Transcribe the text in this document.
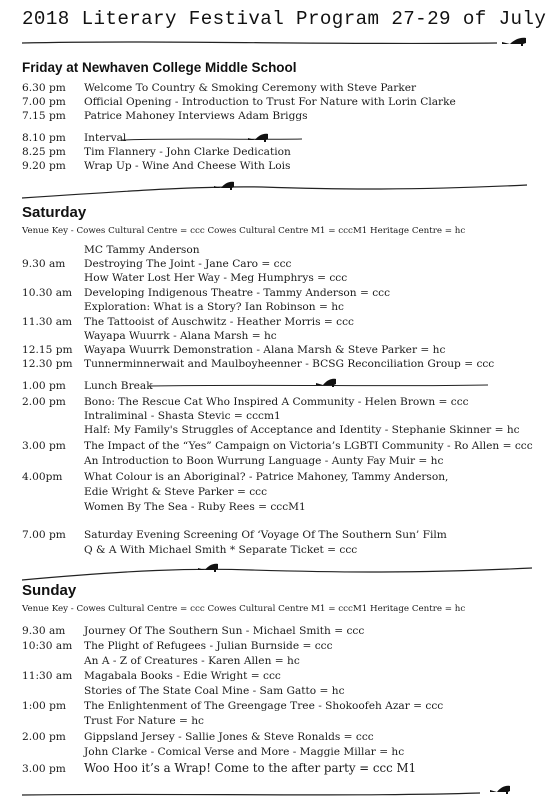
2018 Literary Festival Program 27-29 of July
Friday at Newhaven College Middle School
6.30 pm Welcome To Country & Smoking Ceremony with Steve Parker
7.00 pm Official Opening - Introduction to Trust For Nature with Lorin Clarke
7.15 pm Patrice Mahoney Interviews Adam Briggs
8.10 pm Interval
8.25 pm Tim Flannery - John Clarke Dedication
9.20 pm Wrap Up - Wine And Cheese With Lois
Saturday
Venue Key - Cowes Cultural Centre = ccc Cowes Cultural Centre M1 = cccM1 Heritage Centre = hc
MC Tammy Anderson
9.30 am Destroying The Joint - Jane Caro = ccc
How Water Lost Her Way - Meg Humphrys = ccc
10.30 am Developing Indigenous Theatre - Tammy Anderson = ccc
Exploration: What is a Story? Ian Robinson = hc
11.30 am The Tattooist of Auschwitz - Heather Morris = ccc
Wayapa Wuurrk - Alana Marsh = hc
12.15 pm Wayapa Wuurrk Demonstration - Alana Marsh & Steve Parker = hc
12.30 pm Tunnerminnerwait and Maulboyheenner - BCSG Reconciliation Group = ccc
1.00 pm Lunch Break
2.00 pm Bono: The Rescue Cat Who Inspired A Community - Helen Brown = ccc
Intraliminal - Shasta Stevic = cccm1
Half: My Family's Struggles of Acceptance and Identity - Stephanie Skinner = hc
3.00 pm The Impact of the “Yes” Campaign on Victoria’s LGBTI Community - Ro Allen = ccc
An Introduction to Boon Wurrung Language - Aunty Fay Muir = hc
4.00pm What Colour is an Aboriginal? - Patrice Mahoney, Tammy Anderson,
Edie Wright & Steve Parker = ccc
Women By The Sea - Ruby Rees = cccM1
7.00 pm Saturday Evening Screening Of ‘Voyage Of The Southern Sun’ Film
Q & A With Michael Smith * Separate Ticket = ccc
Sunday
Venue Key - Cowes Cultural Centre = ccc Cowes Cultural Centre M1 = cccM1 Heritage Centre = hc
9.30 am Journey Of The Southern Sun - Michael Smith = ccc
10:30 am The Plight of Refugees - Julian Burnside = ccc
An A - Z of Creatures - Karen Allen = hc
11:30 am Magabala Books - Edie Wright = ccc
Stories of The State Coal Mine - Sam Gatto = hc
1:00 pm The Enlightenment of The Greengage Tree - Shokoofeh Azar = ccc
Trust For Nature = hc
2.00 pm Gippsland Jersey - Sallie Jones & Steve Ronalds = ccc
John Clarke - Comical Verse and More - Maggie Millar = hc
3.00 pm Woo Hoo it’s a Wrap! Come to the after party = ccc M1
